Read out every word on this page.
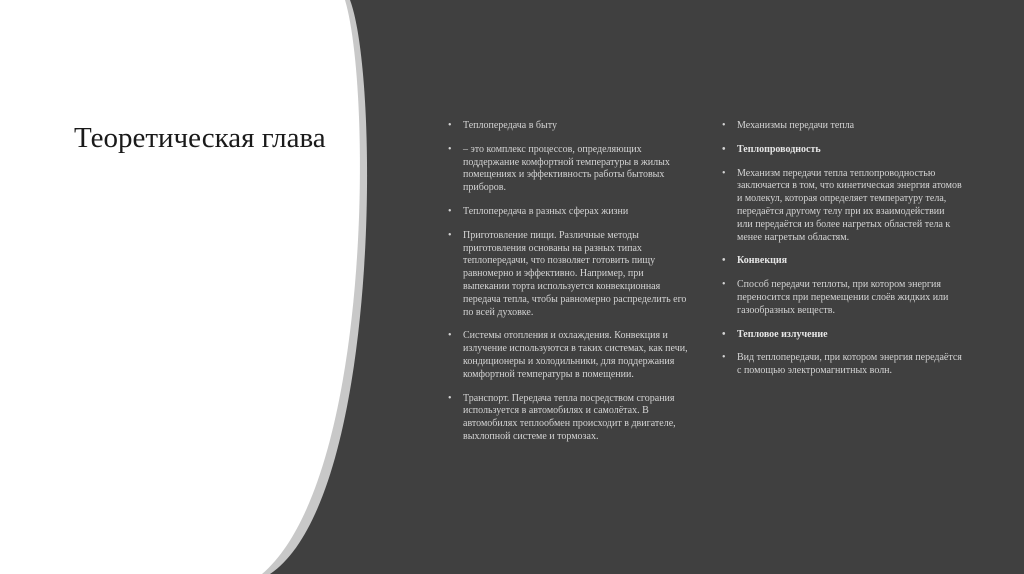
Теоретическая глава	• Теплопередача в быту
• – это комплекс процессов, определяющих поддержание комфортной температуры в жилых помещениях и эффективность работы бытовых приборов.
• Теплопередача в разных сферах жизни
• Приготовление пищи. Различные методы приготовления основаны на разных типах теплопередачи, что позволяет готовить пищу равномерно и эффективно. Например, при выпекании торта используется конвекционная передача тепла, чтобы равномерно распределить его по всей духовке.
• Системы отопления и охлаждения. Конвекция и излучение используются в таких системах, как печи, кондиционеры и холодильники, для поддержания комфортной температуры в помещении.
• Транспорт. Передача тепла посредством сгорания используется в автомобилях и самолётах. В автомобилях теплообмен происходит в двигателе, выхлопной системе и тормозах.
• Механизмы передачи тепла
• Теплопроводность
• Механизм передачи тепла теплопроводностью заключается в том, что кинетическая энергия атомов и молекул, которая определяет температуру тела, передаётся другому телу при их взаимодействии или передаётся из более нагретых областей тела к менее нагретым областям.
• Конвекция
• Способ передачи теплоты, при котором энергия переносится при перемещении слоёв жидких или газообразных веществ.
• Тепловое излучение
• Вид теплопередачи, при котором энергия передаётся с помощью электромагнитных волн.
